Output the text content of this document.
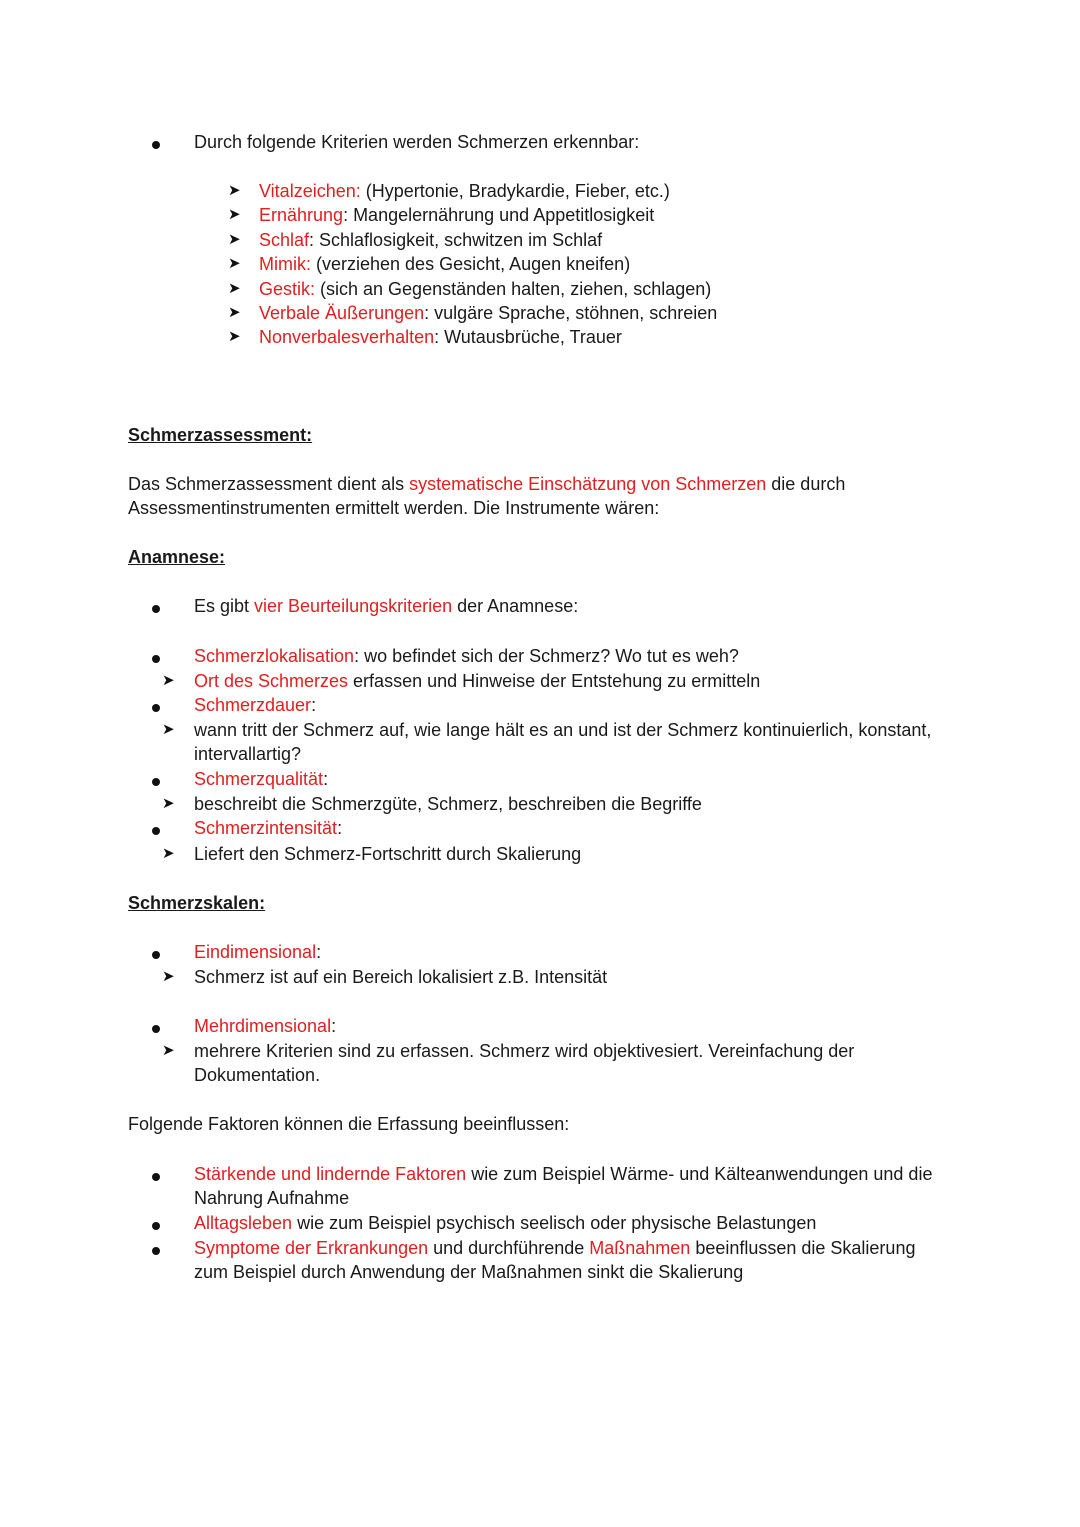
Durch folgende Kriterien werden Schmerzen erkennbar:
➤ Vitalzeichen: (Hypertonie, Bradykardie, Fieber, etc.)
➤ Ernährung: Mangelernährung und Appetitlosigkeit
➤ Schlaf: Schlaflosigkeit, schwitzen im Schlaf
➤ Mimik: (verziehen des Gesicht, Augen kneifen)
➤ Gestik: (sich an Gegenständen halten, ziehen, schlagen)
➤ Verbale Äußerungen: vulgäre Sprache, stöhnen, schreien
➤ Nonverbalesverhalten: Wutausbrüche, Trauer
Schmerzassessment:
Das Schmerzassessment dient als systematische Einschätzung von Schmerzen die durch
Assessmentinstrumenten ermittelt werden. Die Instrumente wären:
Anamnese:
Es gibt vier Beurteilungskriterien der Anamnese:
Schmerzlokalisation: wo befindet sich der Schmerz? Wo tut es weh?
➤ Ort des Schmerzes erfassen und Hinweise der Entstehung zu ermitteln
Schmerzdauer:
➤ wann tritt der Schmerz auf, wie lange hält es an und ist der Schmerz kontinuierlich, konstant,
intervallartig?
Schmerzqualität:
➤ beschreibt die Schmerzgüte, Schmerz, beschreiben die Begriffe
Schmerzintensität:
➤ Liefert den Schmerz-Fortschritt durch Skalierung
Schmerzskalen:
Eindimensional:
➤ Schmerz ist auf ein Bereich lokalisiert z.B. Intensität
Mehrdimensional:
➤ mehrere Kriterien sind zu erfassen. Schmerz wird objektivesiert. Vereinfachung der
Dokumentation.
Folgende Faktoren können die Erfassung beeinflussen:
Stärkende und lindernde Faktoren wie zum Beispiel Wärme- und Kälteanwendungen und die
Nahrung Aufnahme
Alltagsleben wie zum Beispiel psychisch seelisch oder physische Belastungen
Symptome der Erkrankungen und durchführende Maßnahmen beeinflussen die Skalierung
zum Beispiel durch Anwendung der Maßnahmen sinkt die Skalierung
